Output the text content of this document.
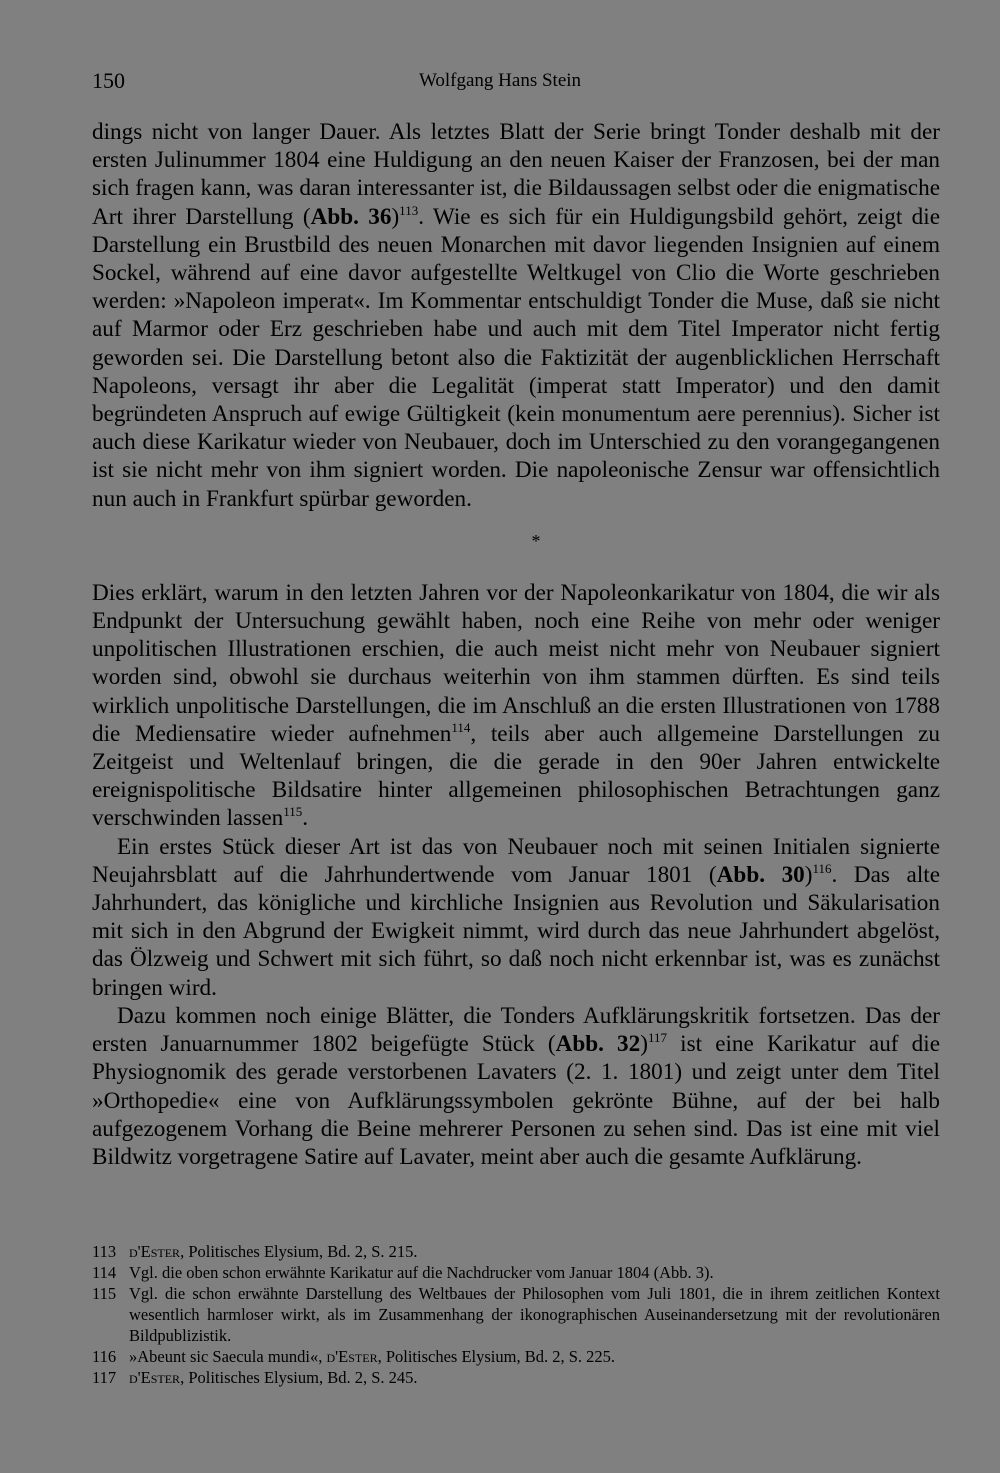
150	Wolfgang Hans Stein

dings nicht von langer Dauer. Als letztes Blatt der Serie bringt Tonder deshalb mit der ersten Julinummer 1804 eine Huldigung an den neuen Kaiser der Franzosen, bei der man sich fragen kann, was daran interessanter ist, die Bildaussagen selbst oder die enigmatische Art ihrer Darstellung (Abb. 36)$^{113}$. Wie es sich für ein Huldigungsbild gehört, zeigt die Darstellung ein Brustbild des neuen Monarchen mit davor liegenden Insignien auf einem Sockel, während auf eine davor aufgestellte Weltkugel von Clio die Worte geschrieben werden: »Napoleon imperat«. Im Kommentar entschuldigt Tonder die Muse, daß sie nicht auf Marmor oder Erz geschrieben habe und auch mit dem Titel Imperator nicht fertig geworden sei. Die Darstellung betont also die Faktizität der augenblicklichen Herrschaft Napoleons, versagt ihr aber die Legalität (imperat statt Imperator) und den damit begründeten Anspruch auf ewige Gültigkeit (kein monumentum aere perennius). Sicher ist auch diese Karikatur wieder von Neubauer, doch im Unterschied zu den vorangegangenen ist sie nicht mehr von ihm signiert worden. Die napoleonische Zensur war offensichtlich nun auch in Frankfurt spürbar geworden.

*

Dies erklärt, warum in den letzten Jahren vor der Napoleonkarikatur von 1804, die wir als Endpunkt der Untersuchung gewählt haben, noch eine Reihe von mehr oder weniger unpolitischen Illustrationen erschien, die auch meist nicht mehr von Neubauer signiert worden sind, obwohl sie durchaus weiterhin von ihm stammen dürften. Es sind teils wirklich unpolitische Darstellungen, die im Anschluß an die ersten Illustrationen von 1788 die Mediensatire wieder aufnehmen$^{114}$, teils aber auch allgemeine Darstellungen zu Zeitgeist und Weltenlauf bringen, die die gerade in den 90er Jahren entwickelte ereignispolitische Bildsatire hinter allgemeinen philosophischen Betrachtungen ganz verschwinden lassen$^{115}$.

Ein erstes Stück dieser Art ist das von Neubauer noch mit seinen Initialen signierte Neujahrsblatt auf die Jahrhundertwende vom Januar 1801 (Abb. 30)$^{116}$. Das alte Jahrhundert, das königliche und kirchliche Insignien aus Revolution und Säkularisation mit sich in den Abgrund der Ewigkeit nimmt, wird durch das neue Jahrhundert abgelöst, das Ölzweig und Schwert mit sich führt, so daß noch nicht erkennbar ist, was es zunächst bringen wird.

Dazu kommen noch einige Blätter, die Tonders Aufklärungskritik fortsetzen. Das der ersten Januarnummer 1802 beigefügte Stück (Abb. 32)$^{117}$ ist eine Karikatur auf die Physiognomik des gerade verstorbenen Lavaters (2. 1. 1801) und zeigt unter dem Titel »Orthopedie« eine von Aufklärungssymbolen gekrönte Bühne, auf der bei halb aufgezogenem Vorhang die Beine mehrerer Personen zu sehen sind. Das ist eine mit viel Bildwitz vorgetragene Satire auf Lavater, meint aber auch die gesamte Aufklärung.

113 d'Ester, Politisches Elysium, Bd. 2, S. 215.
114 Vgl. die oben schon erwähnte Karikatur auf die Nachdrucker vom Januar 1804 (Abb. 3).
115 Vgl. die schon erwähnte Darstellung des Weltbaues der Philosophen vom Juli 1801, die in ihrem zeitlichen Kontext wesentlich harmloser wirkt, als im Zusammenhang der ikonographischen Auseinandersetzung mit der revolutionären Bildpublizistik.
116 »Abeunt sic Saecula mundi«, d'Ester, Politisches Elysium, Bd. 2, S. 225.
117 d'Ester, Politisches Elysium, Bd. 2, S. 245.
